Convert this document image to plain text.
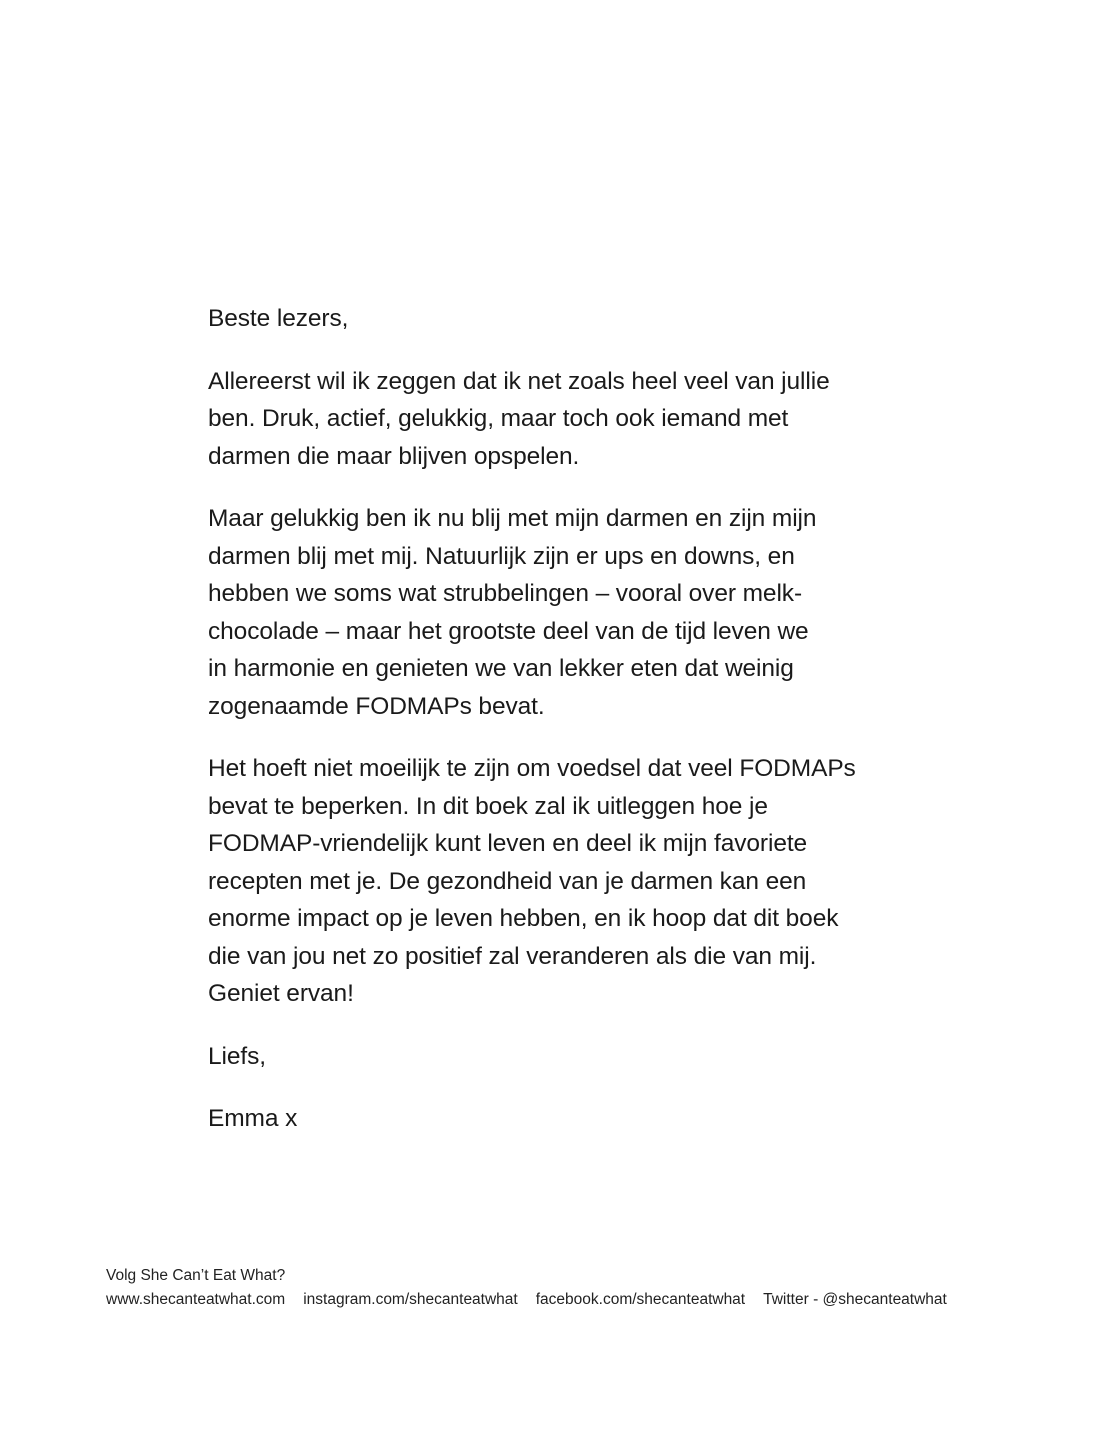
Beste lezers,

Allereerst wil ik zeggen dat ik net zoals heel veel van jullie
ben. Druk, actief, gelukkig, maar toch ook iemand met
darmen die maar blijven opspelen.

Maar gelukkig ben ik nu blij met mijn darmen en zijn mijn
darmen blij met mij. Natuurlijk zijn er ups en downs, en
hebben we soms wat strubbelingen – vooral over melk-
chocolade – maar het grootste deel van de tijd leven we
in harmonie en genieten we van lekker eten dat weinig
zogenaamde FODMAPs bevat.

Het hoeft niet moeilijk te zijn om voedsel dat veel FODMAPs
bevat te beperken. In dit boek zal ik uitleggen hoe je
FODMAP-vriendelijk kunt leven en deel ik mijn favoriete
recepten met je. De gezondheid van je darmen kan een
enorme impact op je leven hebben, en ik hoop dat dit boek
die van jou net zo positief zal veranderen als die van mij.
Geniet ervan!

Liefs,

Emma x

Volg She Can’t Eat What?
www.shecanteatwhat.com instagram.com/shecanteatwhat facebook.com/shecanteatwhat Twitter - @shecanteatwhat
